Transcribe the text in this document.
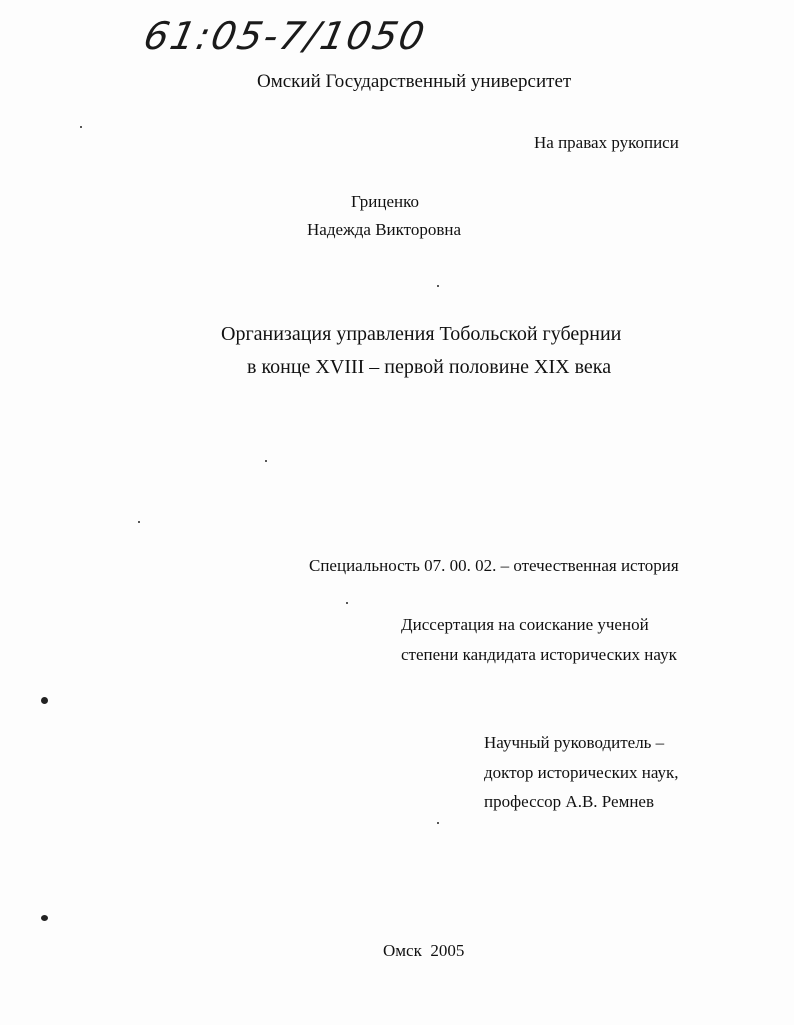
61:05-7/1050
Омский Государственный университет
На правах рукописи
Гриценко
Надежда Викторовна
Организация управления Тобольской губернии
в конце XVIII – первой половине XIX века
Специальность 07. 00. 02. – отечественная история
Диссертация на соискание ученой
степени кандидата исторических наук
Научный руководитель –
доктор исторических наук,
профессор А.В. Ремнев
Омск  2005
